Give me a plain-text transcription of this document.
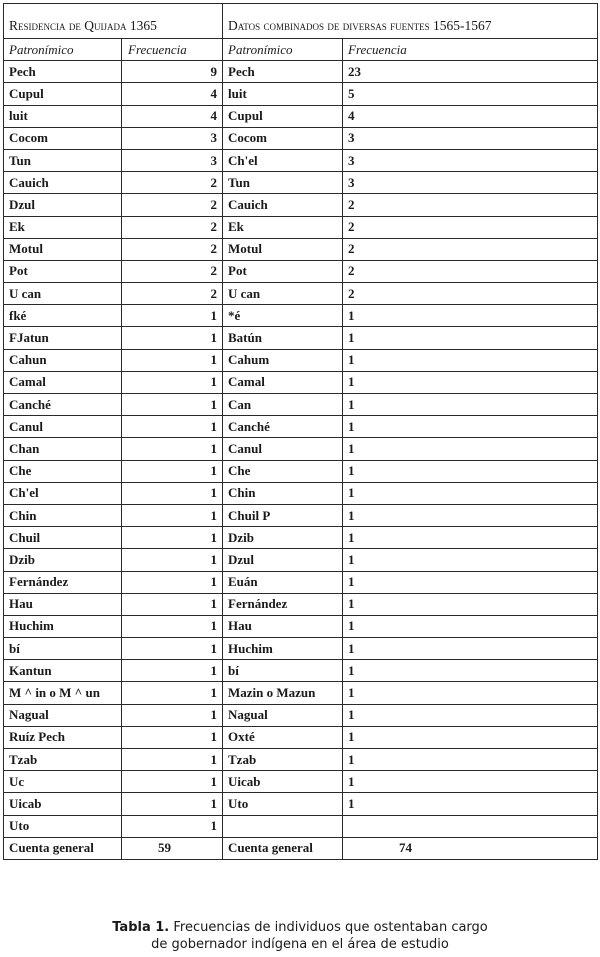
Residencia de Quijada 1365		Datos combinados de diversas fuentes 1565-1567	
Patronímico	Frecuencia	Patronímico	Frecuencia
Pech	9	Pech	23
Cupul	4	luit	5
luit	4	Cupul	4
Cocom	3	Cocom	3
Tun	3	Ch'el	3
Cauich	2	Tun	3
Dzul	2	Cauich	2
Ek	2	Ek	2
Motul	2	Motul	2
Pot	2	Pot	2
U can	2	U can	2
fké	1	*é	1
FJatun	1	Batún	1
Cahun	1	Cahum	1
Camal	1	Camal	1
Canché	1	Can	1
Canul	1	Canché	1
Chan	1	Canul	1
Che	1	Che	1
Ch'el	1	Chin	1
Chin	1	Chuil P	1
Chuil	1	Dzib	1
Dzib	1	Dzul	1
Fernández	1	Euán	1
Hau	1	Fernández	1
Huchim	1	Hau	1
bí	1	Huchim	1
Kantun	1	bí	1
M ^ in o M ^ un	1	Mazin o Mazun	1
Nagual	1	Nagual	1
Ruíz Pech	1	Oxté	1
Tzab	1	Tzab	1
Uc	1	Uicab	1
Uicab	1	Uto	1
Uto	1		
Cuenta general	59	Cuenta general	74
Tabla 1. Frecuencias de individuos que ostentaban cargo
de gobernador indígena en el área de estudio
